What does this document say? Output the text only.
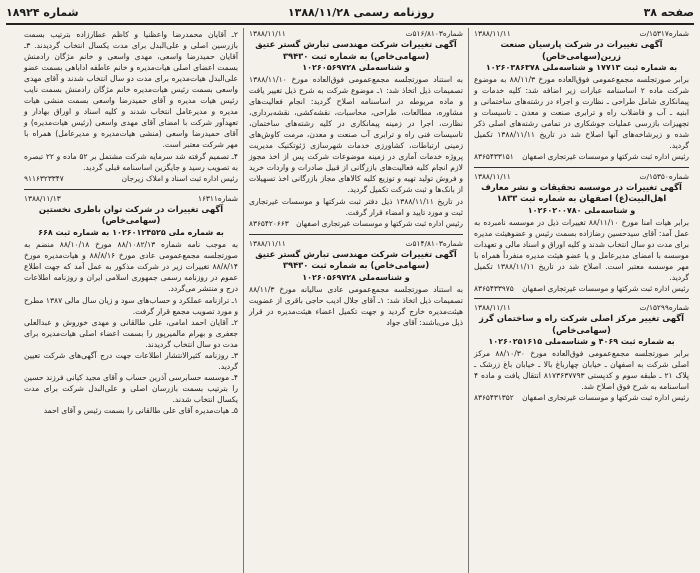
صفحه ۳۸
روزنامه رسمی ۱۳۸۸/۱۱/۲۸
شماره ۱۸۹۲۴
شماره۱۵۳۱۷/ت
۱۳۸۸/۱۱/۱۱
آگهی تغییرات در شرکت پارسیان صنعت زرین(سهامی‌خاص)
به شماره ثبت ۱۷۷۱۳ و شناسه‌ملی ۱۰۲۶۰۳۸۶۳۷۸
برابر صورتجلسه مجمع‌عمومی فوق‌العاده مورخ ۸۸/۱۱/۳ به موضوع شرکت ماده ۲ اساسنامه عبارات زیر اضافه شد: کلیه خدمات و پیمانکاری شامل طراحی ـ نظارت و اجراء در رشته‌های ساختمانی و ابنیه ـ آب و فاضلاب راه و ترابری صنعت و معدن ـ تاسیسات و تجهیزات بازرسی عملیات جوشکاری در تمامی رشته‌های اصلی ذکر شده و زیرشاخه‌های آنها اصلاح شد در تاریخ ۱۳۸۸/۱۱/۱۱ تکمیل گردید.
رئیس اداره ثبت شرکتها و موسسات غیرتجاری اصفهان
۸۳۶۵۴۳۳۱۵۱
شماره۱۵۳۵۰/ت
۱۳۸۸/۱۱/۱۱
آگهی تغییرات در موسسه تحقیقات و نشر معارف اهل‌البیت(ع) اصفهان به شماره ثبت ۱۸۳۳
و شناسه‌ملی ۱۰۲۶۰۲۰۰۷۸۰
برابر هیات امنا مورخ ۸۸/۱۱/۱۰ تغییرات ذیل در موسسه نامبرده به عمل آمد: آقای سیدحسین رضازاده بسمت رئیس و عضوهیئت مدیره برای مدت دو سال انتخاب شدند و کلیه اوراق و اسناد مالی و تعهدات موسسه با امضای مدیرعامل و یا عضو هیئت مدیره منفرداً همراه با مهر موسسه معتبر است. اصلاح شد در تاریخ ۱۳۸۸/۱۱/۱۱ تکمیل گردید.
رئیس اداره ثبت شرکتها و موسسات غیرتجاری اصفهان
۸۳۶۵۴۳۳۹۷۵
شماره۱۵۲۹۹/ت
۱۳۸۸/۱۱/۱۱
آگهی تغییر مرکز اصلی شرکت راه و ساختمان گرز (سهامی‌خاص)
به شماره ثبت ۴۰۶۹ و شناسه‌ملی ۱۰۲۶۰۲۵۱۶۱۵
برابر صورتجلسه مجمع‌عمومی فوق‌العاده مورخ ۸۸/۱۰/۳۰ مرکز اصلی شرکت به اصفهان ـ خیابان چهارباغ بالا ـ خیابان باغ زرشک ـ پلاک ۲۱ ـ طبقه سوم و کدپستی ۸۱۷۳۶۳۷۷۹۳ انتقال یافت و ماده ۴ اساسنامه به شرح فوق اصلاح شد.
رئیس اداره ثبت شرکتها و موسسات غیرتجاری اصفهان
۸۳۶۵۴۳۱۳۵۲
شماره۵۱۶/۸۱۰۳ت
۱۳۸۸/۱۱/۱۱
آگهی تغییرات شرکت مهندسی تبارش گستر عتیق (سهامی‌خاص) به شماره ثبت ۳۹۴۳۰
و شناسه‌ملی ۱۰۲۶۰۵۶۹۷۲۸
به استناد صورتجلسه مجمع‌عمومی فوق‌العاده مورخ ۱۳۸۸/۱۱/۱۰ تصمیمات ذیل اتخاذ شد: ۱ـ موضوع شرکت به شرح ذیل تغییر یافت و ماده مربوطه در اساسنامه اصلاح گردید: انجام فعالیت‌های مشاوره، مطالعات، طراحی، محاسبات، نقشه‌کشی، نقشه‌برداری، نظارت، اجرا در زمینه پیمانکاری در کلیه رشته‌های ساختمان، تاسیسات فنی راه و ترابری آب صنعت و معدن، مرمت کاوش‌های زمینی ارتباطات، کشاورزی خدمات شهرسازی ژئوتکنیک مدیریت پروژه خدمات آماری در زمینه موضوعات شرکت پس از اخذ مجوز لازم انجام کلیه فعالیت‌های بازرگانی از قبیل صادرات و واردات خرید و فروش تولید تهیه و توزیع کلیه کالاهای مجاز بازرگانی اخذ تسهیلات از بانک‌ها و ثبت شرکت تکمیل گردید.
در تاریخ ۱۳۸۸/۱۱/۱۱ ذیل دفتر ثبت شرکتها و موسسات غیرتجاری ثبت و مورد تایید و امضاء قرار گرفت.
رئیس اداره ثبت شرکتها و موسسات غیرتجاری اصفهان
۸۳۶۵۴۲۰۶۶۳
شماره۵۱۴/۸۱۰۳ت
۱۳۸۸/۱۱/۱۱
آگهی تغییرات شرکت مهندسی تبارش گستر عتیق (سهامی‌خاص) به شماره ثبت ۳۹۴۳۰
و شناسه‌ملی ۱۰۲۶۰۵۶۹۷۲۸
به استناد صورتجلسه مجمع‌عمومی عادی سالیانه مورخ ۸۸/۱۱/۳ تصمیمات ذیل اتخاذ شد: ۱ـ آقای جلال ادیب حاجی باقری از عضویت هیئت‌مدیره خارج گردید و جهت تکمیل اعضاء هیئت‌مدیره در قرار ذیل می‌باشند: آقای جواد
۲ـ آقایان محمدرضا واعظنیا و کاظم عطارزاده بترتیب بسمت بازرسین اصلی و علی‌البدل برای مدت یکسال انتخاب گردیدند. ۳ـ آقایان حمیدرضا واسعی، مهدی واسعی و خانم مژگان رادمنش بسمت اعضای اصلی هیات‌مدیره و خانم عاطفه اداباهی بسمت عضو علی‌البدل هیات‌مدیره برای مدت دو سال انتخاب شدند و آقای مهدی واسعی بسمت رئیس هیات‌مدیره خانم مژگان رادمنش بسمت نایب رئیس هیات مدیره و آقای حمیدرضا واسعی بسمت منشی هیات مدیره و مدیرعامل انتخاب شدند و کلیه اسناد و اوراق بهادار و تعهدآور شرکت با امضای آقای مهدی واسعی (رئیس هیات‌مدیره) و آقای حمیدرضا واسعی (منشی هیات‌مدیره و مدیرعامل) همراه با مهر شرکت معتبر است.
۴ـ تصمیم گرفته شد سرمایه شرکت مشتمل بر ۵۲ ماده و ۲۲ تبصره به تصویب رسید و جایگزین اساسنامه قبلی گردید.
رئیس اداره ثبت اسناد و املاک زیرجان
۹۱۱۶۳۲۳۳۴۷
شماره۱۶۳۱۱
۱۳۸۸/۱۱/۱۳
آگهی تغییرات در شرکت توان باطری نخستین (سهامی‌خاص)
به شماره ملی ۱۰۲۶۰۱۲۴۵۲۵ به شماره ثبت ۶۶۸
به موجب نامه شماره ۸۸/۱۰۸۲/۱۳ مورخ ۸۸/۱۰/۱۸ منضم به صورتجلسه مجمع‌عمومی عادی مورخ ۸۸/۸/۱۶ و هیات‌مدیره مورخ ۸۸/۸/۱۴ تغییرات زیر در شرکت مذکور به عمل آمد که جهت اطلاع عموم در روزنامه رسمی جمهوری اسلامی ایران و روزنامه اطلاعات درج و منتشر می‌گردد.
۱ـ ترازنامه عملکرد و حساب‌های سود و زیان سال مالی ۱۳۸۷ مطرح و مورد تصویب مجمع قرار گرفت.
۲ـ آقایان احمد امامی، علی طالقانی و مهدی خوروش و عبدالعلی جعفری و بهرام مالمیرپور را بسمت اعضاء اصلی هیات‌مدیره برای مدت دو سال انتخاب گردیدند.
۳ـ روزنامه کثیرالانتشار اطلاعات جهت درج آگهی‌های شرکت تعیین گردید.
۴ـ موسسه حسابرسی آذرین حساب و آقای مجید کیانی فرزند حسین را بترتیب بسمت بازرسان اصلی و علی‌البدل شرکت برای مدت یکسال انتخاب شدند.
۵ـ هیات‌مدیره آقای علی طالقانی را بسمت رئیس و آقای احمد
